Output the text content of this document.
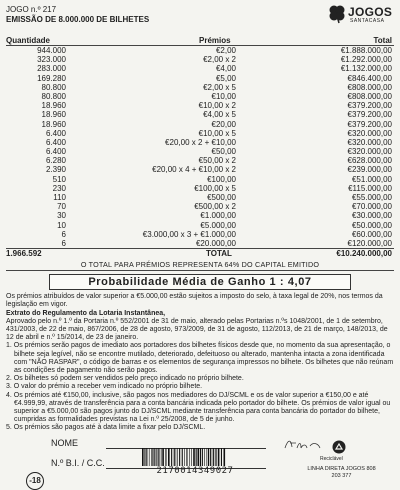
JOGO n.º 217
EMISSÃO DE 8.000.000 DE BILHETES
JOGOS
SANTACASA
Quantidade	Prémios	Total
944.000	€2,00	€1.888.000,00
323.000	€2,00 x 2	€1.292.000,00
283.000	€4,00	€1.132.000,00
169.280	€5,00	€846.400,00
80.800	€2,00 x 5	€808.000,00
80.800	€10,00	€808.000,00
18.960	€10,00 x 2	€379.200,00
18.960	€4,00 x 5	€379.200,00
18.960	€20,00	€379.200,00
6.400	€10,00 x 5	€320.000,00
6.400	€20,00 x 2 + €10,00	€320.000,00
6.400	€50,00	€320.000,00
6.280	€50,00 x 2	€628.000,00
2.390	€20,00 x 4 + €10,00 x 2	€239.000,00
510	€100,00	€51.000,00
230	€100,00 x 5	€115.000,00
110	€500,00	€55.000,00
70	€500,00 x 2	€70.000,00
30	€1.000,00	€30.000,00
10	€5.000,00	€50.000,00
6	€3.000,00 x 3 + €1.000,00	€60.000,00
6	€20.000,00	€120.000,00
1.966.592	TOTAL	€10.240.000,00
O TOTAL PARA PRÉMIOS REPRESENTA 64% DO CAPITAL EMITIDO
Probabilidade Média de Ganho 1 : 4,07

Os prémios atribuídos de valor superior a €5.000,00 estão sujeitos a imposto do selo, à taxa legal de 20%, nos termos da legislação em vigor.

Extrato do Regulamento da Lotaria Instantânea,

Aprovado pelo n.º 1.º da Portaria n.º 552/2001 de 31 de maio, alterado pelas Portarias n.ºs 1048/2001, de 1 de setembro, 431/2003, de 22 de maio, 867/2006, de 28 de agosto, 973/2009, de 31 de agosto, 112/2013, de 21 de março, 148/2013, de 12 de abril e n.º 15/2014, de 23 de janeiro.

1. Os prémios serão pagos de imediato aos portadores dos bilhetes físicos desde que, no momento da sua apresentação, o bilhete seja legível, não se encontre mutilado, deteriorado, defeituoso ou alterado, mantenha intacta a zona identificada com "NÃO RASPAR", o código de barras e os elementos de segurança impressos no bilhete. Os bilhetes que não reúnam as condições de pagamento não serão pagos.

2. Os bilhetes só podem ser vendidos pelo preço indicado no próprio bilhete.

3. O valor do prémio a receber vem indicado no próprio bilhete.

4. Os prémios até €150,00, inclusive, são pagos nos mediadores do DJ/SCML e os de valor superior a €150,00 e até €4.999,99, através de transferência para a conta bancária indicada pelo portador do bilhete. Os prémios de valor igual ou superior a €5.000,00 são pagos junto do DJ/SCML mediante transferência para conta bancária do portador do bilhete, cumpridas as formalidades previstas na Lei n.º 25/2008, de 5 de junho.

5. Os prémios são pagos até à data limite a fixar pelo DJ/SCML.

NOME
N.º B.I. / C.C.
-18
Reciclável
LINHA DIRETA JOGOS 808 203 377
2170014349027
